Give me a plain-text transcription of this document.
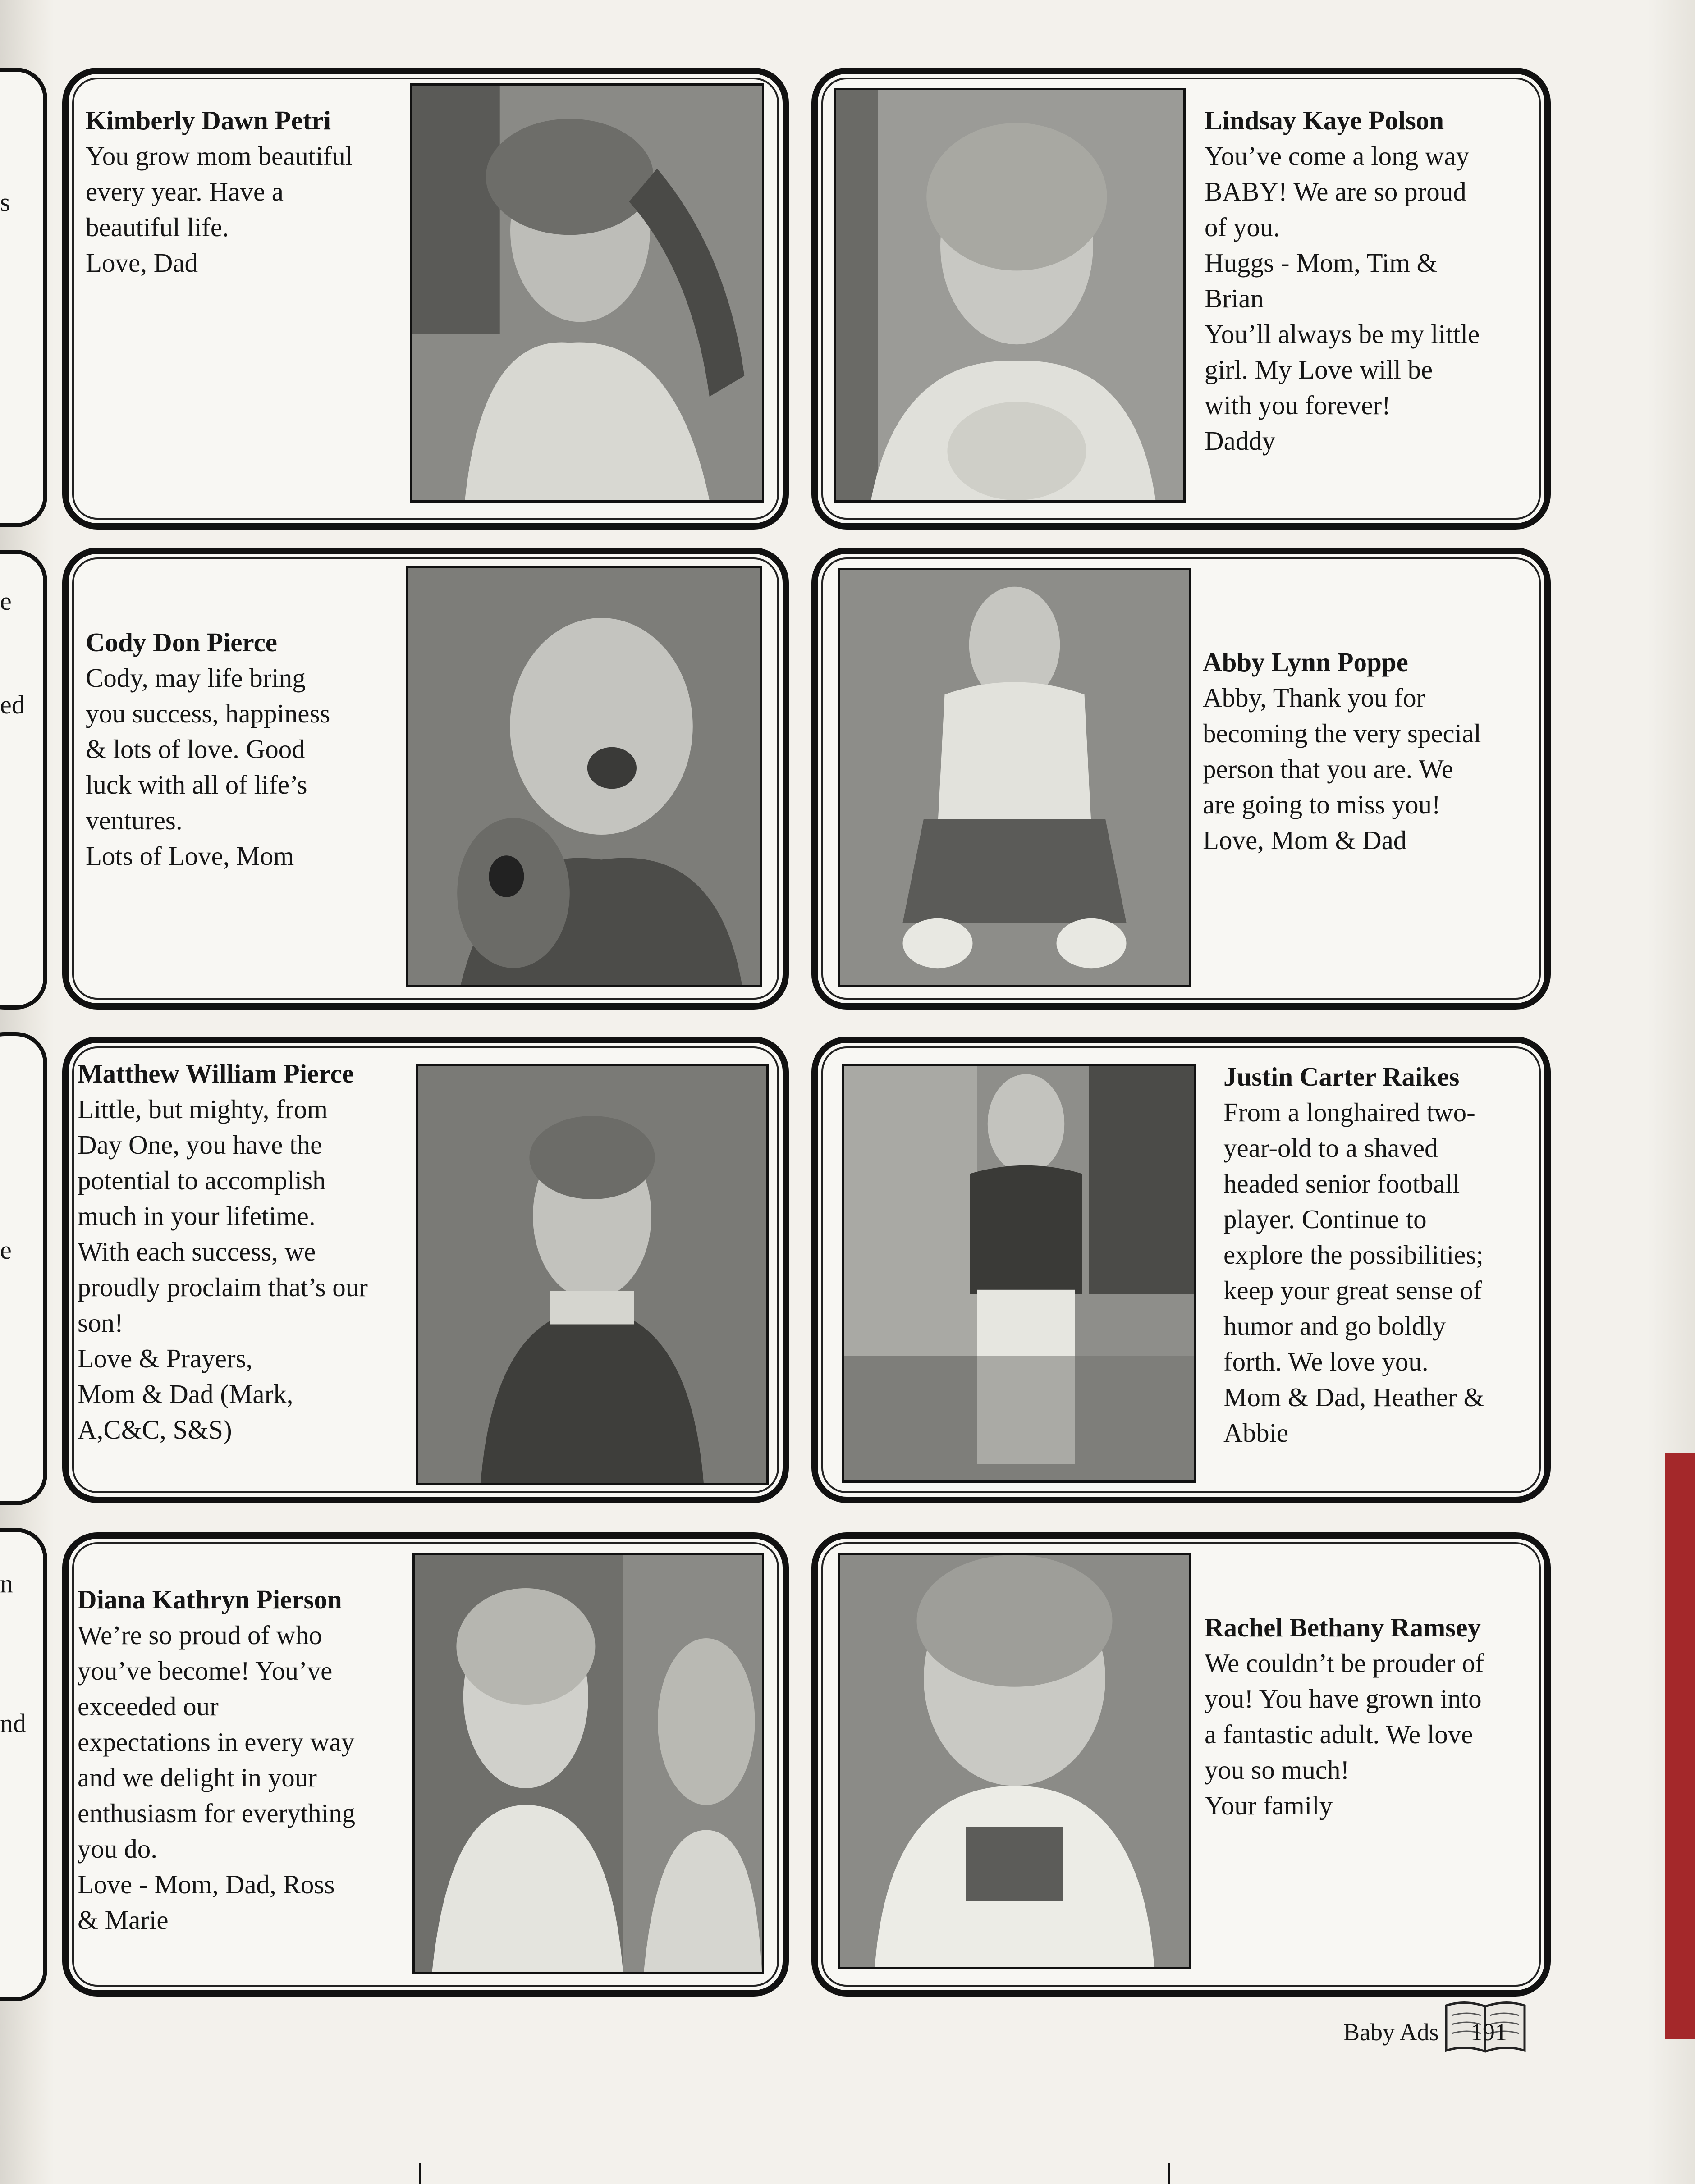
s
e
ed
e
n
nd
Kimberly Dawn Petri
You grow mom beautiful
every year. Have a
beautiful life.
Love, Dad
Lindsay Kaye Polson
You’ve come a long way
BABY! We are so proud
of you.
Huggs - Mom, Tim &
Brian
You’ll always be my little
girl. My Love will be
with you forever!
Daddy
Cody Don Pierce
Cody, may life bring
you success, happiness
& lots of love. Good
luck with all of life’s
ventures.
Lots of Love, Mom
Abby Lynn Poppe
Abby, Thank you for
becoming the very special
person that you are. We
are going to miss you!
Love, Mom & Dad
Matthew William Pierce
Little, but mighty, from
Day One, you have the
potential to accomplish
much in your lifetime.
With each success, we
proudly proclaim that’s our
son!
Love & Prayers,
Mom & Dad (Mark,
A,C&C, S&S)
Justin Carter Raikes
From a longhaired two-
year-old to a shaved
headed senior football
player. Continue to
explore the possibilities;
keep your great sense of
humor and go boldly
forth. We love you.
Mom & Dad, Heather &
Abbie
Diana Kathryn Pierson
We’re so proud of who
you’ve become! You’ve
exceeded our
expectations in every way
and we delight in your
enthusiasm for everything
you do.
Love - Mom, Dad, Ross
& Marie
Rachel Bethany Ramsey
We couldn’t be prouder of
you! You have grown into
a fantastic adult. We love
you so much!
Your family
Baby Ads 191
